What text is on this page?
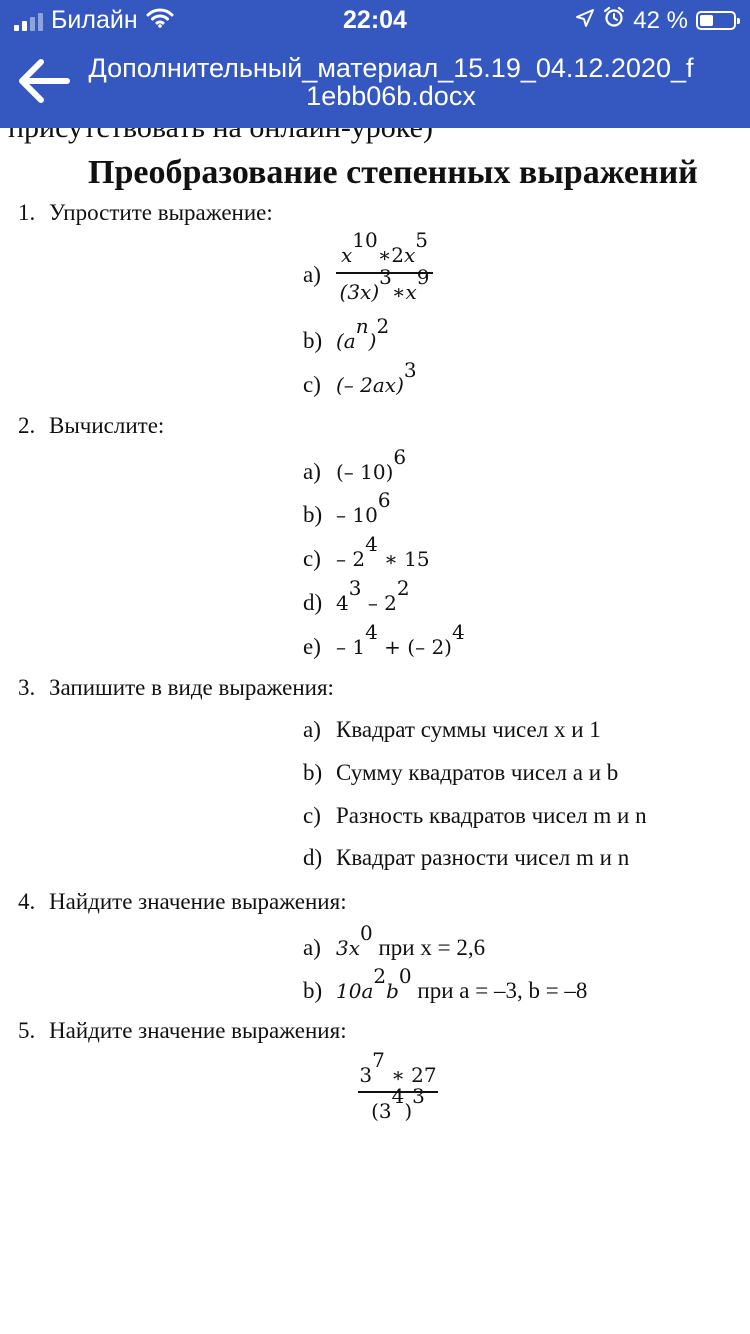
Преобразование степенных выражений
1. Упростите выражение:
a)
$x^{10}∗2x^5$
$(3x)^3∗x^9$
b) $(a^n)^2$
c) (– 2ax)$^3$
2. Вычислите:
a) (– 10)$^6$
$b) - 10^6$
$c) - 2^4$ ∗ 15
d) $4^3 - 2^2$
$e) - 1^4$ + (– 2)$^4$
3. Запишите в виде выражения:
a) Квадрат суммы чисел x и 1
b) Сумму квадратов чисел a и b
c) Разность квадратов чисел m и n
d) Квадрат разности чисел m и n
4. Найдите значение выражения:
a) $3x^0$ при x = 2,6
b) $10a^2b^0$ при a = –3, b = –8
5. Найдите значение выражения:
$3^7$ ∗ 27
$(3^4)^3$
Билайн	22:04	42 %
Дополнительный_материал_15.19_04.12.2020_f1ebb06b.docx
